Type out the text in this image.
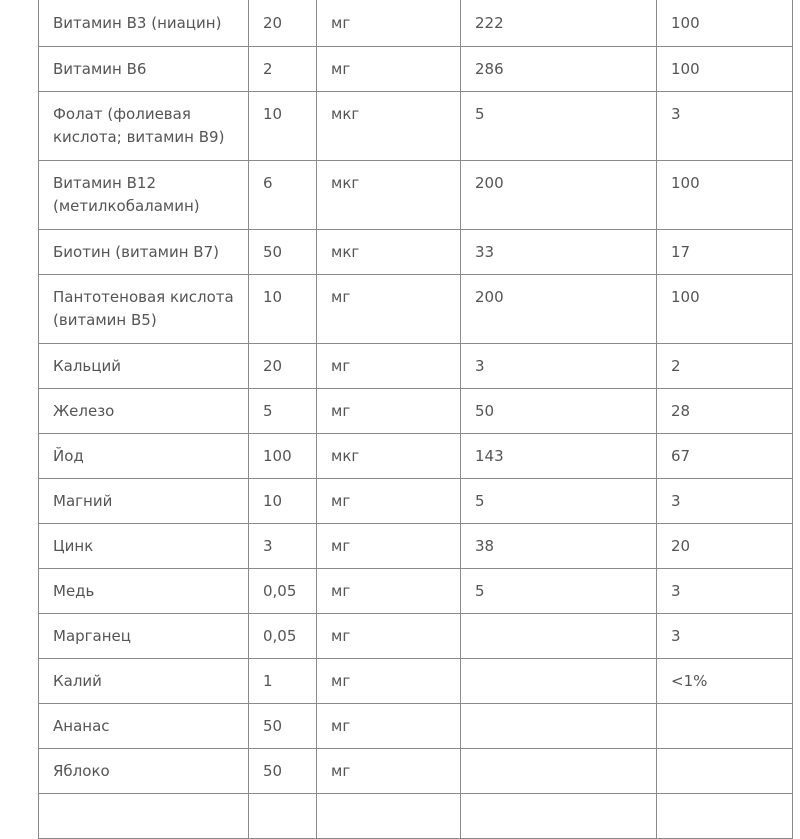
Витамин B3 (ниацин)	20	мг	222	100
Витамин B6	2	мг	286	100
Фолат (фолиевая кислота; витамин B9)	10	мкг	5	3
Витамин B12 (метилкобаламин)	6	мкг	200	100
Биотин (витамин B7)	50	мкг	33	17
Пантотеновая кислота (витамин B5)	10	мг	200	100
Кальций	20	мг	3	2
Железо	5	мг	50	28
Йод	100	мкг	143	67
Магний	10	мг	5	3
Цинк	3	мг	38	20
Медь	0,05	мг	5	3
Марганец	0,05	мг		3
Калий	1	мг		<1%
Ананас	50	мг		
Яблоко	50	мг		
